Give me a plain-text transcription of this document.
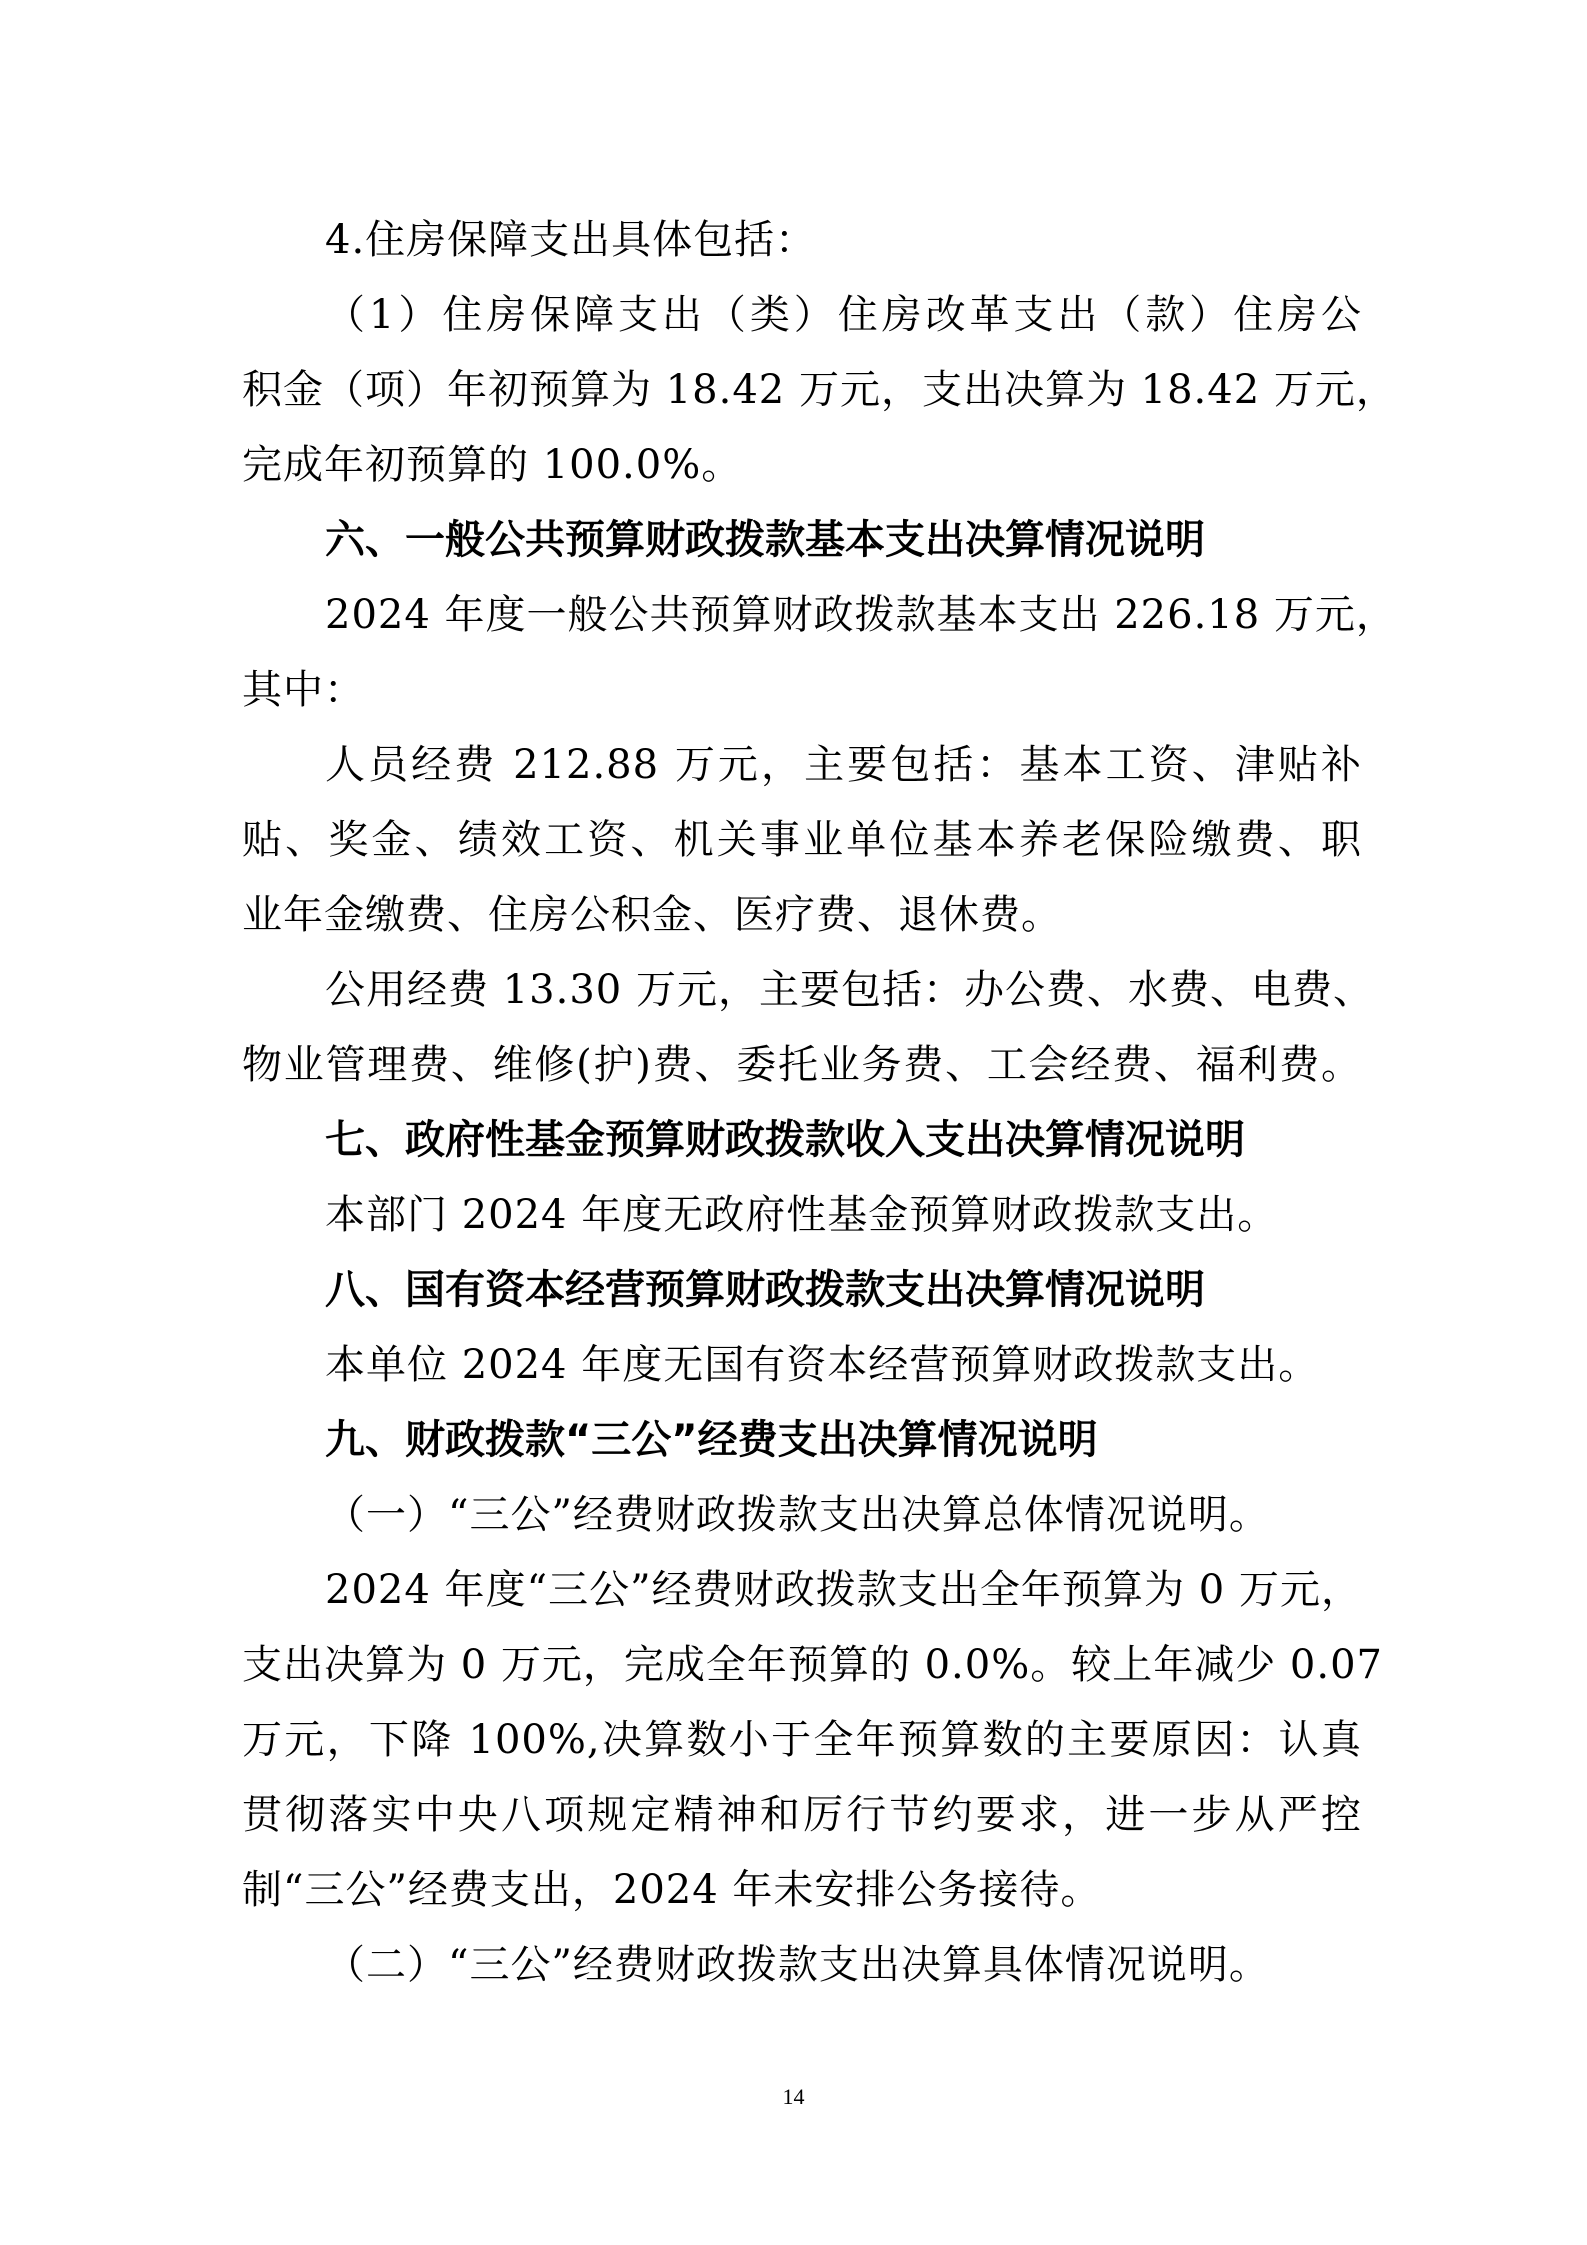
4.住房保障支出具体包括：
（1）住房保障支出（类）住房改革支出（款）住房公
积金（项）年初预算为 18.42 万元，支出决算为 18.42 万元，
完成年初预算的 100.0%。
六、一般公共预算财政拨款基本支出决算情况说明
2024 年度一般公共预算财政拨款基本支出 226.18 万元，
其中：
人员经费 212.88 万元，主要包括：基本工资、津贴补
贴、奖金、绩效工资、机关事业单位基本养老保险缴费、职
业年金缴费、住房公积金、医疗费、退休费。
公用经费 13.30 万元，主要包括：办公费、水费、电费、
物业管理费、维修(护)费、委托业务费、工会经费、福利费。
七、政府性基金预算财政拨款收入支出决算情况说明
本部门 2024 年度无政府性基金预算财政拨款支出。
八、国有资本经营预算财政拨款支出决算情况说明
本单位 2024 年度无国有资本经营预算财政拨款支出。
九、财政拨款“三公”经费支出决算情况说明
（一）“三公”经费财政拨款支出决算总体情况说明。
2024 年度“三公”经费财政拨款支出全年预算为 0 万元，
支出决算为 0 万元，完成全年预算的 0.0%。较上年减少 0.07
万元，下降 100%,决算数小于全年预算数的主要原因：认真
贯彻落实中央八项规定精神和厉行节约要求，进一步从严控
制“三公”经费支出，2024 年未安排公务接待。
（二）“三公”经费财政拨款支出决算具体情况说明。
14
